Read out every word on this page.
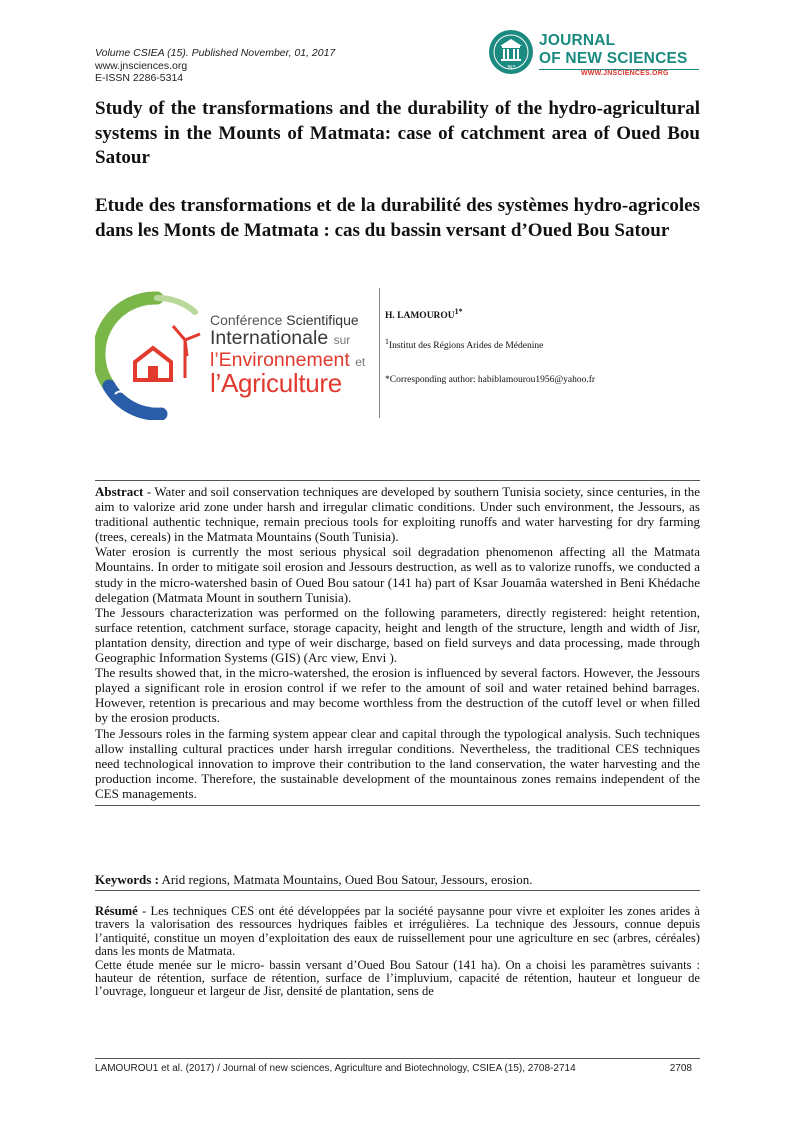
Volume CSIEA (15). Published November, 01, 2017
www.jnsciences.org
E-ISSN 2286-5314
JNS
JOURNAL
OF NEW SCIENCES
WWW.JNSCIENCES.ORG
Study of the transformations and the durability of the hydro-agricultural systems in the Mounts of Matmata: case of catchment area of Oued Bou Satour
Etude des transformations et de la durabilité des systèmes hydro-agricoles dans les Monts de Matmata : cas du bassin versant d’Oued Bou Satour
Conférence Scientifique
Internationale sur
l’Environnement et
l’Agriculture
H. $LAMOUROU^{1*}$
$^1$Institut des Régions Arides de Médenine
*Corresponding author: habiblamourou1956@yahoo.fr

Abstract - Water and soil conservation techniques are developed by southern Tunisia society, since centuries, in the aim to valorize arid zone under harsh and irregular climatic conditions. Under such environment, the Jessours, as traditional authentic technique, remain precious tools for exploiting runoffs and water harvesting for dry farming (trees, cereals) in the Matmata Mountains (South Tunisia).

Water erosion is currently the most serious physical soil degradation phenomenon affecting all the Matmata Mountains. In order to mitigate soil erosion and Jessours destruction, as well as to valorize runoffs, we conducted a study in the micro-watershed basin of Oued Bou satour (141 ha) part of Ksar Jouamâa watershed in Beni Khédache delegation (Matmata Mount in southern Tunisia).

The Jessours characterization was performed on the following parameters, directly registered: height retention, surface retention, catchment surface, storage capacity, height and length of the structure, length and width of Jisr, plantation density, direction and type of weir discharge, based on field surveys and data processing, made through Geographic Information Systems (GIS) (Arc view, Envi ).

The results showed that, in the micro-watershed, the erosion is influenced by several factors. However, the Jessours played a significant role in erosion control if we refer to the amount of soil and water retained behind barrages. However, retention is precarious and may become worthless from the destruction of the cutoff level or when filled by the erosion products.

The Jessours roles in the farming system appear clear and capital through the typological analysis. Such techniques allow installing cultural practices under harsh irregular conditions. Nevertheless, the traditional CES techniques need technological innovation to improve their contribution to the land conservation, the water harvesting and the production income. Therefore, the sustainable development of the mountainous zones remains independent of the CES managements.

Keywords : Arid regions, Matmata Mountains, Oued Bou Satour, Jessours, erosion.

Résumé - Les techniques CES ont été développées par la société paysanne pour vivre et exploiter les zones arides à travers la valorisation des ressources hydriques faibles et irrégulières. La technique des Jessours, connue depuis l’antiquité, constitue un moyen d’exploitation des eaux de ruissellement pour une agriculture en sec (arbres, céréales) dans les monts de Matmata.

Cette étude menée sur le micro- bassin versant d’Oued Bou Satour (141 ha). On a choisi les paramètres suivants : hauteur de rétention, surface de rétention, surface de l’impluvium, capacité de rétention, hauteur et longueur de l’ouvrage, longueur et largeur de Jisr, densité de plantation, sens de

LAMOUROU1 et al. (2017) / Journal of new sciences, Agriculture and Biotechnology, CSIEA (15), 2708-2714	2708
